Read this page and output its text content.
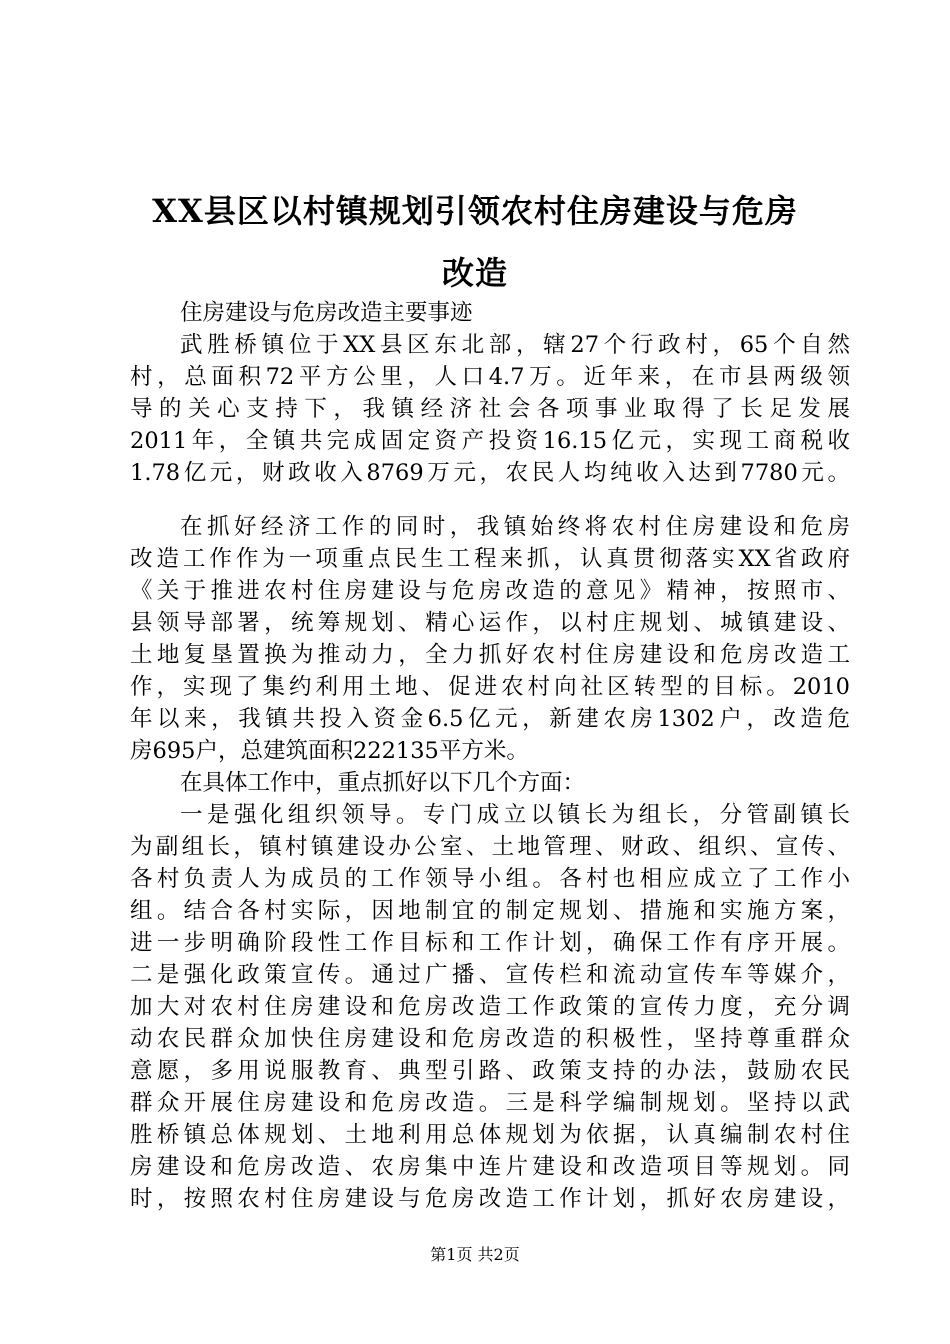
XX县区以村镇规划引领农村住房建设与危房
改造
住房建设与危房改造主要事迹
武胜桥镇位于XX县区东北部，辖27个行政村，65个自然
村，总面积72平方公里，人口4.7万。近年来，在市县两级领
导的关心支持下，我镇经济社会各项事业取得了长足发展
2011年，全镇共完成固定资产投资16.15亿元，实现工商税收
1.78亿元，财政收入8769万元，农民人均纯收入达到7780元。
在抓好经济工作的同时，我镇始终将农村住房建设和危房
改造工作作为一项重点民生工程来抓，认真贯彻落实XX省政府
《关于推进农村住房建设与危房改造的意见》精神，按照市、
县领导部署，统筹规划、精心运作，以村庄规划、城镇建设、
土地复垦置换为推动力，全力抓好农村住房建设和危房改造工
作，实现了集约利用土地、促进农村向社区转型的目标。2010
年以来，我镇共投入资金6.5亿元，新建农房1302户，改造危
房695户，总建筑面积222135平方米。
在具体工作中，重点抓好以下几个方面：
一是强化组织领导。专门成立以镇长为组长，分管副镇长
为副组长，镇村镇建设办公室、土地管理、财政、组织、宣传、
各村负责人为成员的工作领导小组。各村也相应成立了工作小
组。结合各村实际，因地制宜的制定规划、措施和实施方案，
进一步明确阶段性工作目标和工作计划，确保工作有序开展。
二是强化政策宣传。通过广播、宣传栏和流动宣传车等媒介，
加大对农村住房建设和危房改造工作政策的宣传力度，充分调
动农民群众加快住房建设和危房改造的积极性，坚持尊重群众
意愿，多用说服教育、典型引路、政策支持的办法，鼓励农民
群众开展住房建设和危房改造。三是科学编制规划。坚持以武
胜桥镇总体规划、土地利用总体规划为依据，认真编制农村住
房建设和危房改造、农房集中连片建设和改造项目等规划。同
时，按照农村住房建设与危房改造工作计划，抓好农房建设，
第1页 共2页
